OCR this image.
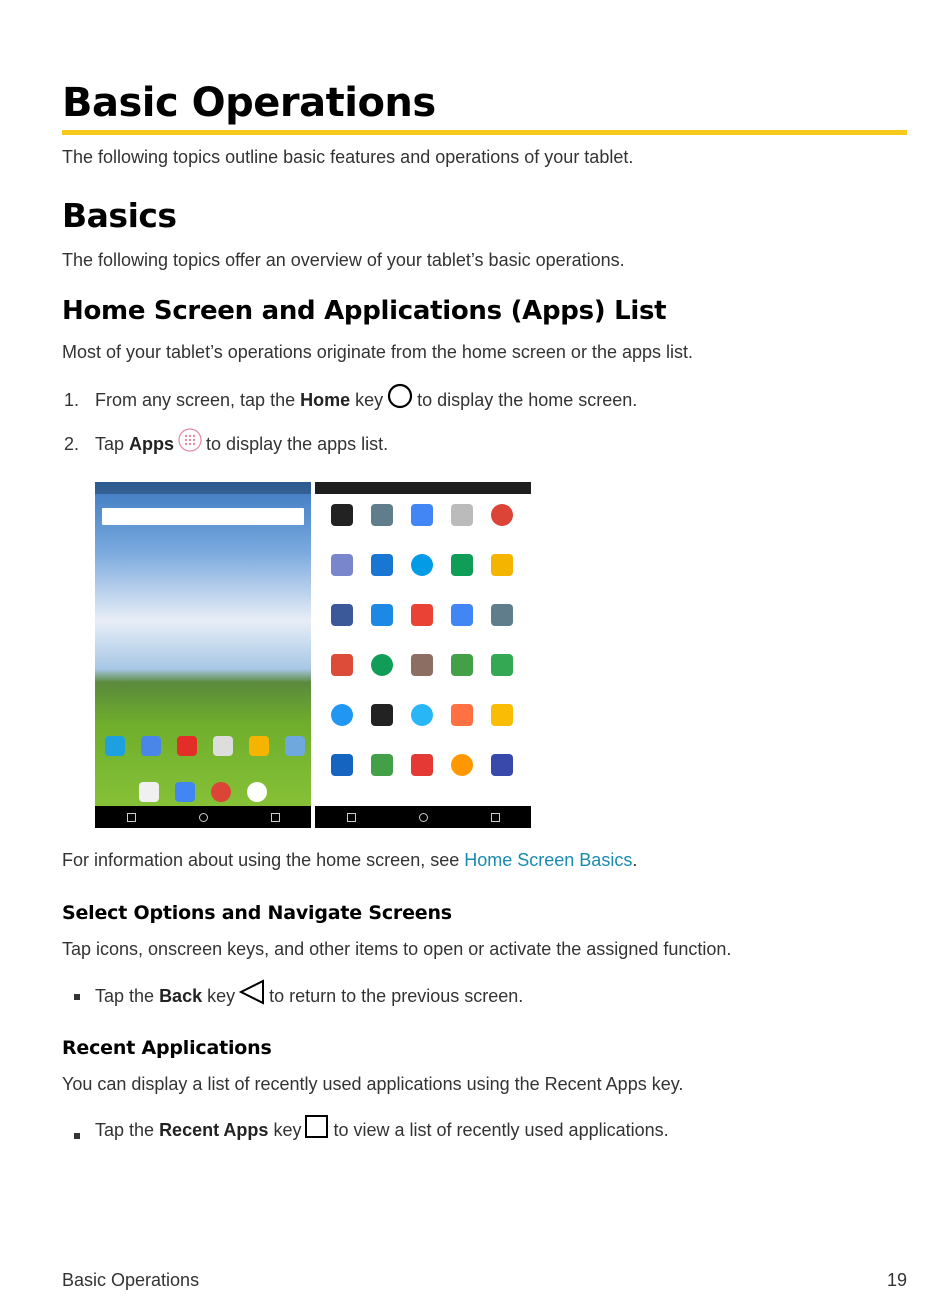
Basic Operations
The following topics outline basic features and operations of your tablet.
Basics
The following topics offer an overview of your tablet’s basic operations.
Home Screen and Applications (Apps) List
Most of your tablet’s operations originate from the home screen or the apps list.
1. From any screen, tap the
Home
key to display the home screen.
2. Tap
Apps to display the apps list.
For information about using the home screen, see Home Screen Basics.
Select Options and Navigate Screens
Tap icons, onscreen keys, and other items to open or activate the assigned function.
Tap the
Back
key to return to the previous screen.
Recent Applications
You can display a list of recently used applications using the Recent Apps key.
Tap the
Recent Apps
key to view a list of recently used applications.
Basic Operations	19
